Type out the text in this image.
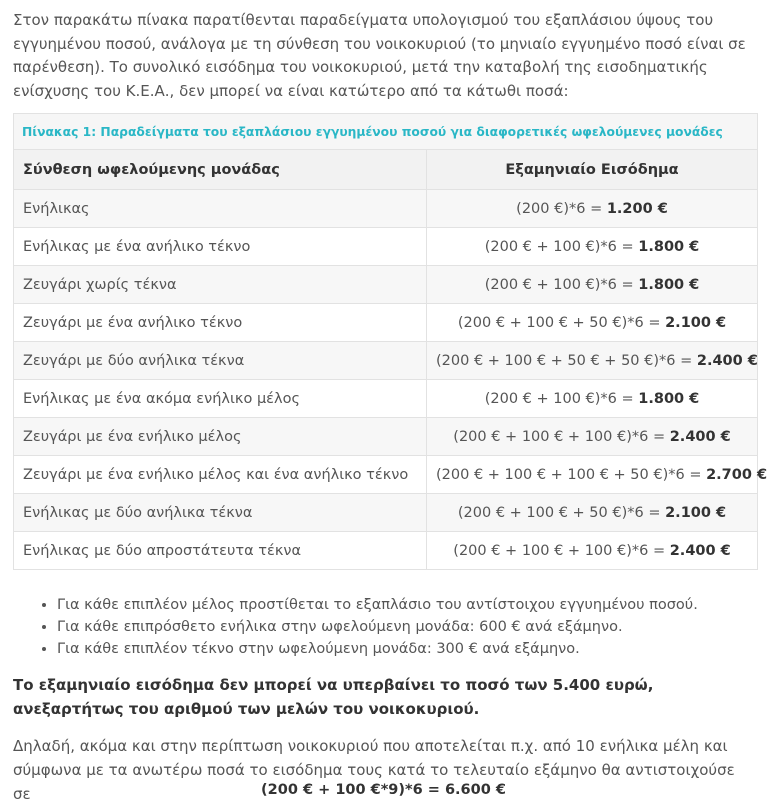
Στον παρακάτω πίνακα παρατίθενται παραδείγματα υπολογισμού του εξαπλάσιου ύψους του εγγυημένου ποσού, ανάλογα με τη σύνθεση του νοικοκυριού (το μηνιαίο εγγυημένο ποσό είναι σε παρένθεση). Το συνολικό εισόδημα του νοικοκυριού, μετά την καταβολή της εισοδηματικής ενίσχυσης του Κ.Ε.Α., δεν μπορεί να είναι κατώτερο από τα κάτωθι ποσά:

Πίνακας 1: Παραδείγματα του εξαπλάσιου εγγυημένου ποσού για διαφορετικές ωφελούμενες μονάδες	
Σύνθεση ωφελούμενης μονάδας	Εξαμηνιαίο Εισόδημα
Ενήλικας	(200 €)*6 = 1.200 €
Ενήλικας με ένα ανήλικο τέκνο	(200 € + 100 €)*6 = 1.800 €
Ζευγάρι χωρίς τέκνα	(200 € + 100 €)*6 = 1.800 €
Ζευγάρι με ένα ανήλικο τέκνο	(200 € + 100 € + 50 €)*6 = 2.100 €
Ζευγάρι με δύο ανήλικα τέκνα	(200 € + 100 € + 50 € + 50 €)*6 = 2.400 €
Ενήλικας με ένα ακόμα ενήλικο μέλος	(200 € + 100 €)*6 = 1.800 €
Ζευγάρι με ένα ενήλικο μέλος	(200 € + 100 € + 100 €)*6 = 2.400 €
Ζευγάρι με ένα ενήλικο μέλος και ένα ανήλικο τέκνο	(200 € + 100 € + 100 € + 50 €)*6 = 2.700 €
Ενήλικας με δύο ανήλικα τέκνα	(200 € + 100 € + 50 €)*6 = 2.100 €
Ενήλικας με δύο απροστάτευτα τέκνα	(200 € + 100 € + 100 €)*6 = 2.400 €
• Για κάθε επιπλέον μέλος προστίθεται το εξαπλάσιο του αντίστοιχου εγγυημένου ποσού.
• Για κάθε επιπρόσθετο ενήλικα στην ωφελούμενη μονάδα: 600 € ανά εξάμηνο.
• Για κάθε επιπλέον τέκνο στην ωφελούμενη μονάδα: 300 € ανά εξάμηνο.

Το εξαμηνιαίο εισόδημα δεν μπορεί να υπερβαίνει το ποσό των 5.400 ευρώ, ανεξαρτήτως του αριθμού των μελών του νοικοκυριού.

Δηλαδή, ακόμα και στην περίπτωση νοικοκυριού που αποτελείται π.χ. από 10 ενήλικα μέλη και σύμφωνα με τα ανωτέρω ποσά το εισόδημα τους κατά το τελευταίο εξάμηνο θα αντιστοιχούσε σε	(200 € + 100 €*9)*6 = 6.600 €
